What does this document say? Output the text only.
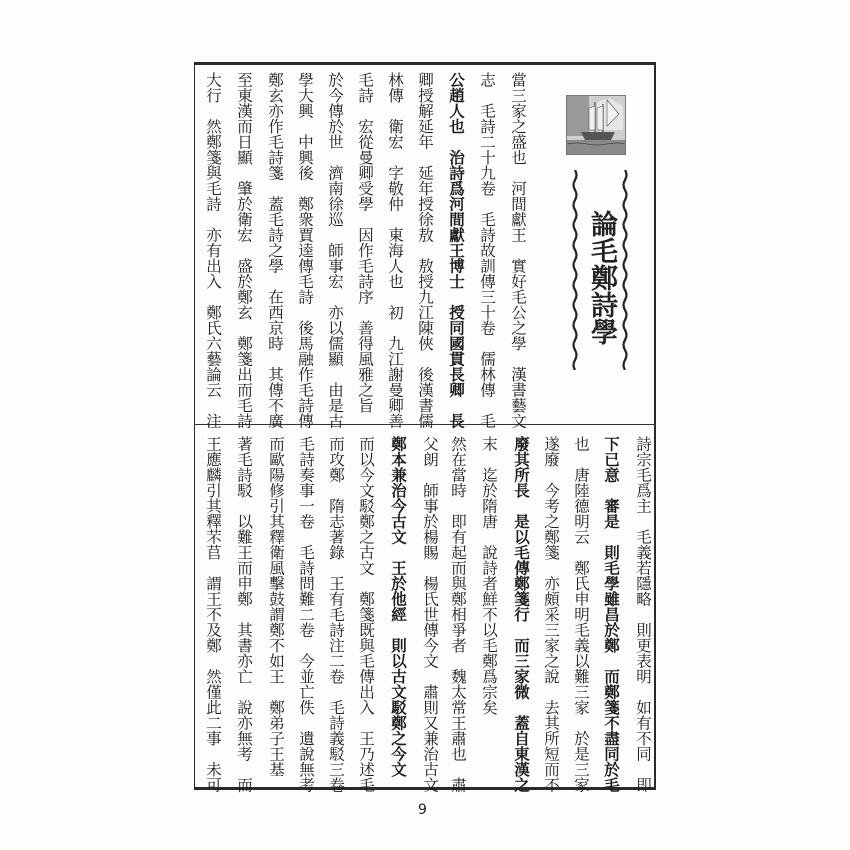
論毛鄭詩學
當三家之盛也　河間獻王　實好毛公之學　漢書藝文
志　毛詩二十九卷　毛詩故訓傳三十卷　儒林傳　毛
公趙人也　治詩爲河間獻王博士　授同國貫長卿　長
卿授解延年　延年授徐敖　敖授九江陳俠　後漢書儒
林傳　衛宏　字敬仲　東海人也　初　九江謝曼卿善
毛詩　宏從曼卿受學　因作毛詩序　善得風雅之旨
於今傳於世　濟南徐巡　師事宏　亦以儒顯　由是古
學大興　中興後　鄭衆賈逵傳毛詩　後馬融作毛詩傳
鄭玄亦作毛詩箋　蓋毛詩之學　在西京時　其傳不廣
至東漢而日顯　肇於衛宏　盛於鄭玄　鄭箋出而毛詩
大行　然鄭箋與毛詩　亦有出入　鄭氏六藝論云　注
詩宗毛爲主　毛義若隱略　則更表明　如有不同　即
下已意　審是　則毛學雖昌於鄭　而鄭箋不盡同於毛
也　唐陸德明云　鄭氏申明毛義以難三家　於是三家
遂廢　今考之鄭箋　亦頗采三家之說　去其所短而不
廢其所長　是以毛傳鄭箋行　而三家微　蓋自東漢之
末　迄於隋唐　說詩者鮮不以毛鄭爲宗矣
然在當時　即有起而與鄭相爭者　魏太常王肅也　肅
父朗　師事於楊賜　楊氏世傳今文　肅則又兼治古文
鄭本兼治今古文　王於他經　則以古文駁鄭之今文
而以今文駁鄭之古文　鄭箋既與毛傳出入　王乃述毛
而攻鄭　隋志著錄　王有毛詩注二卷　毛詩義駁三卷
毛詩奏事一卷　毛詩問難二卷　今並亡佚　遺說無考
而歐陽修引其釋衛風擊鼓謂鄭不如王　鄭弟子王基
著毛詩駁　以難王而申鄭　其書亦亡　說亦無考　而
王應麟引其釋芣苢　謂王不及鄭　然僅此二事　未可
9
